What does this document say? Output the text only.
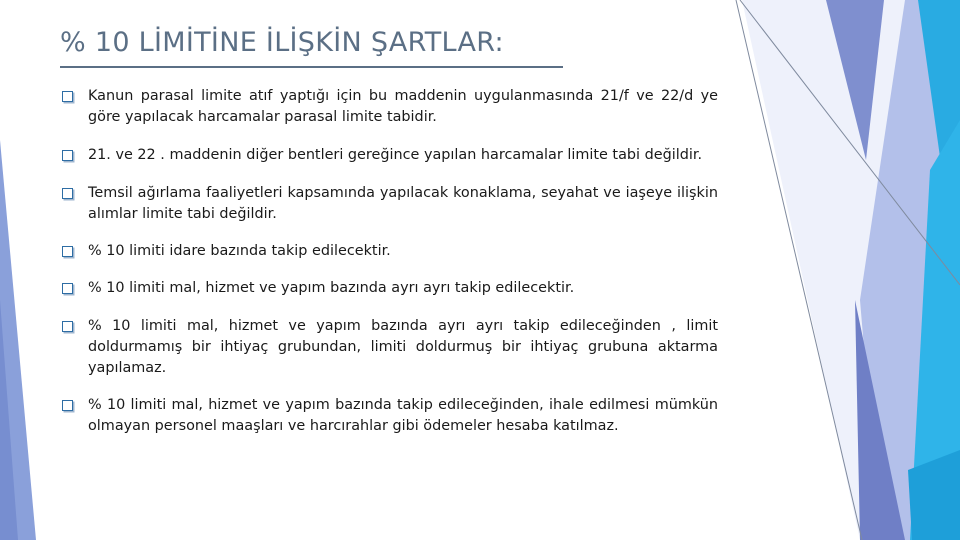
% 10 LİMİTİNE İLİŞKİN ŞARTLAR:
Kanun parasal limite atıf yaptığı için bu maddenin uygulanmasında 21/f ve 22/d ye göre yapılacak harcamalar parasal limite tabidir.
21. ve 22 . maddenin diğer bentleri gereğince yapılan harcamalar limite tabi değildir.
Temsil ağırlama faaliyetleri kapsamında yapılacak konaklama, seyahat ve iaşeye ilişkin alımlar limite tabi değildir.
% 10 limiti idare bazında takip edilecektir.
% 10 limiti mal, hizmet ve yapım bazında ayrı ayrı takip edilecektir.
% 10 limiti mal, hizmet ve yapım bazında ayrı ayrı takip edileceğinden , limit doldurmamış bir ihtiyaç grubundan, limiti doldurmuş bir ihtiyaç grubuna aktarma yapılamaz.
% 10 limiti mal, hizmet ve yapım bazında takip edileceğinden, ihale edilmesi mümkün olmayan personel maaşları ve harcırahlar gibi ödemeler hesaba katılmaz.
